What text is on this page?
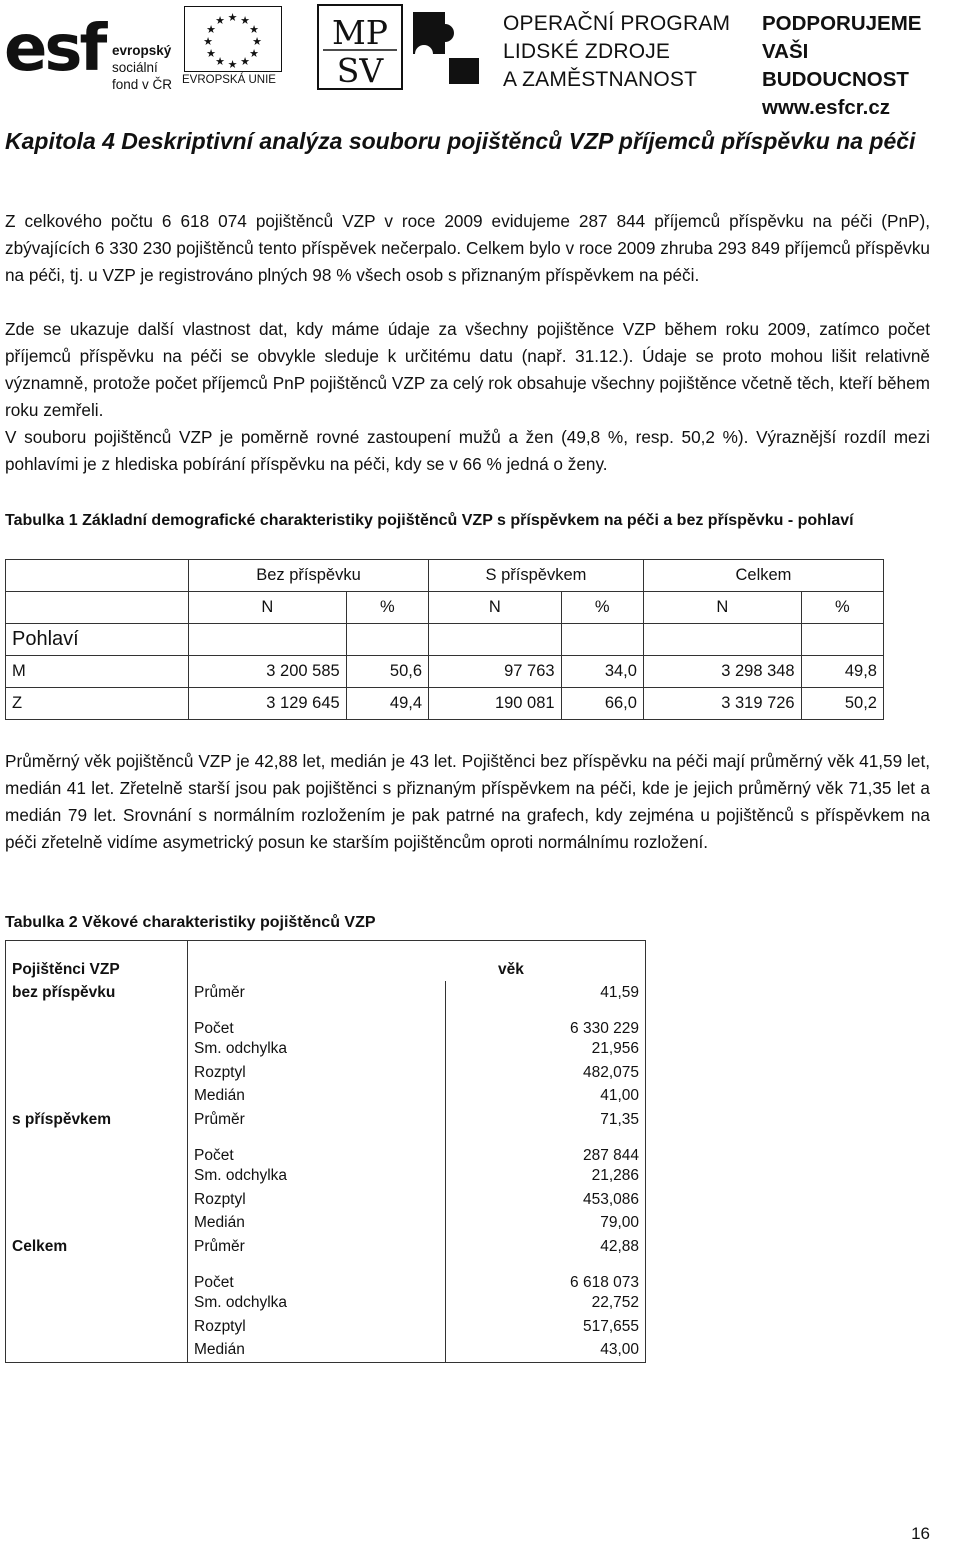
esf evropský
sociální
fond v ČR
★ ★
★
★
★
★
★
★
★
★
★
★
EVROPSKÁ UNIE
MP
SV
OPERAČNÍ PROGRAM
LIDSKÉ ZDROJE
A ZAMĚSTNANOST
PODPORUJEME
VAŠI BUDOUCNOST
www.esfcr.cz
Kapitola 4 Deskriptivní analýza souboru pojištěnců VZP příjemců příspěvku na péči

Z celkového počtu 6 618 074 pojištěnců VZP v roce 2009 evidujeme 287 844 příjemců příspěvku na péči (PnP), zbývajících 6 330 230 pojištěnců tento příspěvek nečerpalo. Celkem bylo v roce 2009 zhruba 293 849 příjemců příspěvku na péči, tj. u VZP je registrováno plných 98 % všech osob s přiznaným příspěvkem na péči.

Zde se ukazuje další vlastnost dat, kdy máme údaje za všechny pojištěnce VZP během roku 2009, zatímco počet příjemců příspěvku na péči se obvykle sleduje k určitému datu (např. 31.12.). Údaje se proto mohou lišit relativně významně, protože počet příjemců PnP pojištěnců VZP za celý rok obsahuje všechny pojištěnce včetně těch, kteří během roku zemřeli.

V souboru pojištěnců VZP je poměrně rovné zastoupení mužů a žen (49,8 %, resp. 50,2 %). Výraznější rozdíl mezi pohlavími je z hlediska pobírání příspěvku na péči, kdy se v 66 % jedná o ženy.

Tabulka 1 Základní demografické charakteristiky pojištěnců VZP s příspěvkem na péči a bez příspěvku - pohlaví

Průměrný věk pojištěnců VZP je 42,88 let, medián je 43 let. Pojištěnci bez příspěvku na péči mají průměrný věk 41,59 let, medián 41 let. Zřetelně starší jsou pak pojištěnci s přiznaným příspěvkem na péči, kde je jejich průměrný věk 71,35 let a medián 79 let. Srovnání s normálním rozložením je pak patrné na grafech, kdy zejména u pojištěnců s příspěvkem na péči zřetelně vidíme asymetrický posun ke starším pojištěncům oproti normálnímu rozložení.

Tabulka 2 Věkové charakteristiky pojištěnců VZP

	Bez příspěvku		S příspěvkem		Celkem	
	N	%	N	%	N	%
Pohlaví						
M	3 200 585	50,6	97 763	34,0	3 298 348	49,8
Z	3 129 645	49,4	190 081	66,0	3 319 726	50,2
Pojištěnci VZP	věk	
bez příspěvku	Průměr	41,59
	Počet	6 330 229
	Sm. odchylka	21,956
	Rozptyl	482,075
	Medián	41,00
s příspěvkem	Průměr	71,35
	Počet	287 844
	Sm. odchylka	21,286
	Rozptyl	453,086
	Medián	79,00
Celkem	Průměr	42,88
	Počet	6 618 073
	Sm. odchylka	22,752
	Rozptyl	517,655
	Medián	43,00
16
